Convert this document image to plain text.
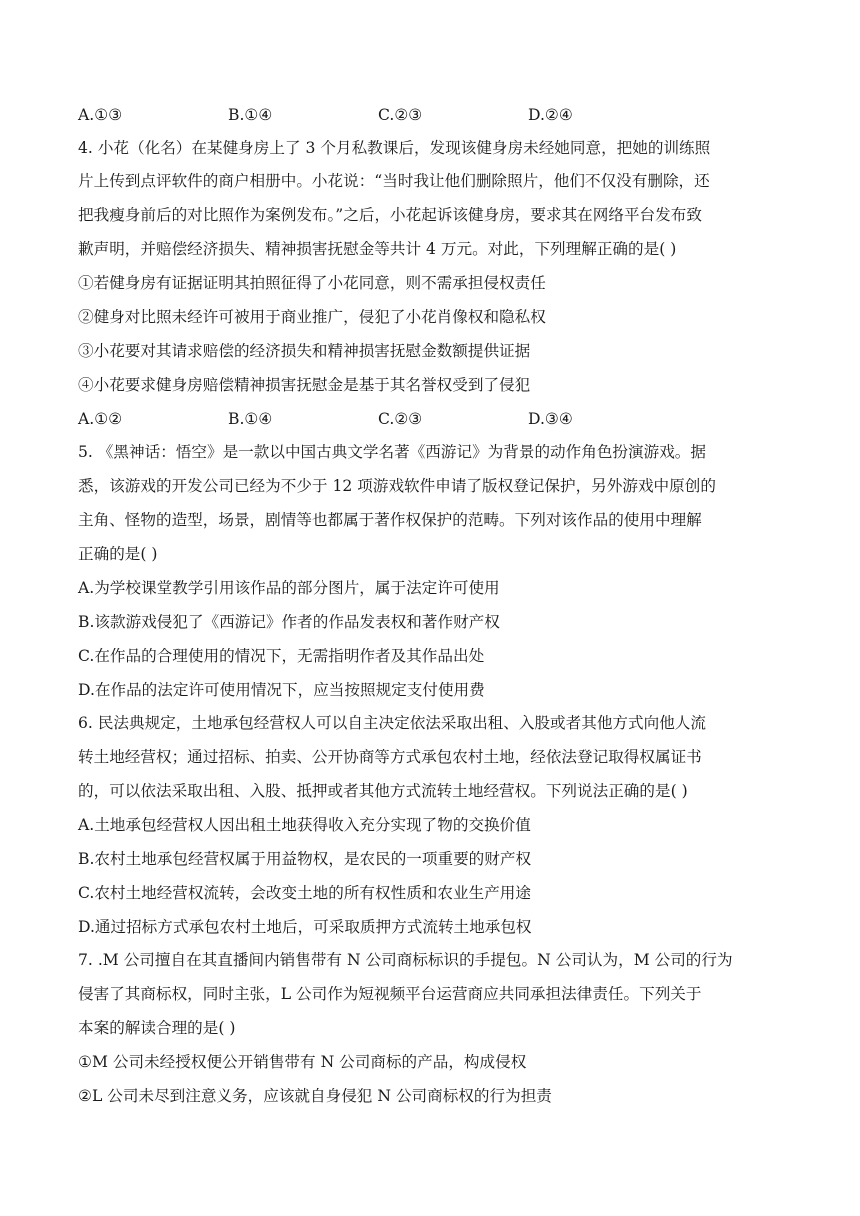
A.①③	B.①④	C.②③	D.②④
4. 小花（化名）在某健身房上了 3 个月私教课后，发现该健身房未经她同意，把她的训练照
片上传到点评软件的商户相册中。小花说：“当时我让他们删除照片，他们不仅没有删除，还
把我瘦身前后的对比照作为案例发布。”之后，小花起诉该健身房，要求其在网络平台发布致
歉声明，并赔偿经济损失、精神损害抚慰金等共计 4 万元。对此，下列理解正确的是( )
①若健身房有证据证明其拍照征得了小花同意，则不需承担侵权责任
②健身对比照未经许可被用于商业推广，侵犯了小花肖像权和隐私权
③小花要对其请求赔偿的经济损失和精神损害抚慰金数额提供证据
④小花要求健身房赔偿精神损害抚慰金是基于其名誉权受到了侵犯
A.①②	B.①④	C.②③	D.③④
5. 《黑神话：悟空》是一款以中国古典文学名著《西游记》为背景的动作角色扮演游戏。据
悉，该游戏的开发公司已经为不少于 12 项游戏软件申请了版权登记保护，另外游戏中原创的
主角、怪物的造型，场景，剧情等也都属于著作权保护的范畴。下列对该作品的使用中理解
正确的是( )
A.为学校课堂教学引用该作品的部分图片，属于法定许可使用
B.该款游戏侵犯了《西游记》作者的作品发表权和著作财产权
C.在作品的合理使用的情况下，无需指明作者及其作品出处
D.在作品的法定许可使用情况下，应当按照规定支付使用费
6. 民法典规定，土地承包经营权人可以自主决定依法采取出租、入股或者其他方式向他人流
转土地经营权；通过招标、拍卖、公开协商等方式承包农村土地，经依法登记取得权属证书
的，可以依法采取出租、入股、抵押或者其他方式流转土地经营权。下列说法正确的是( )
A.土地承包经营权人因出租土地获得收入充分实现了物的交换价值
B.农村土地承包经营权属于用益物权，是农民的一项重要的财产权
C.农村土地经营权流转，会改变土地的所有权性质和农业生产用途
D.通过招标方式承包农村土地后，可采取质押方式流转土地承包权
7. .M 公司擅自在其直播间内销售带有 N 公司商标标识的手提包。N 公司认为，M 公司的行为
侵害了其商标权，同时主张，L 公司作为短视频平台运营商应共同承担法律责任。下列关于
本案的解读合理的是( )
①M 公司未经授权便公开销售带有 N 公司商标的产品，构成侵权
②L 公司未尽到注意义务，应该就自身侵犯 N 公司商标权的行为担责
